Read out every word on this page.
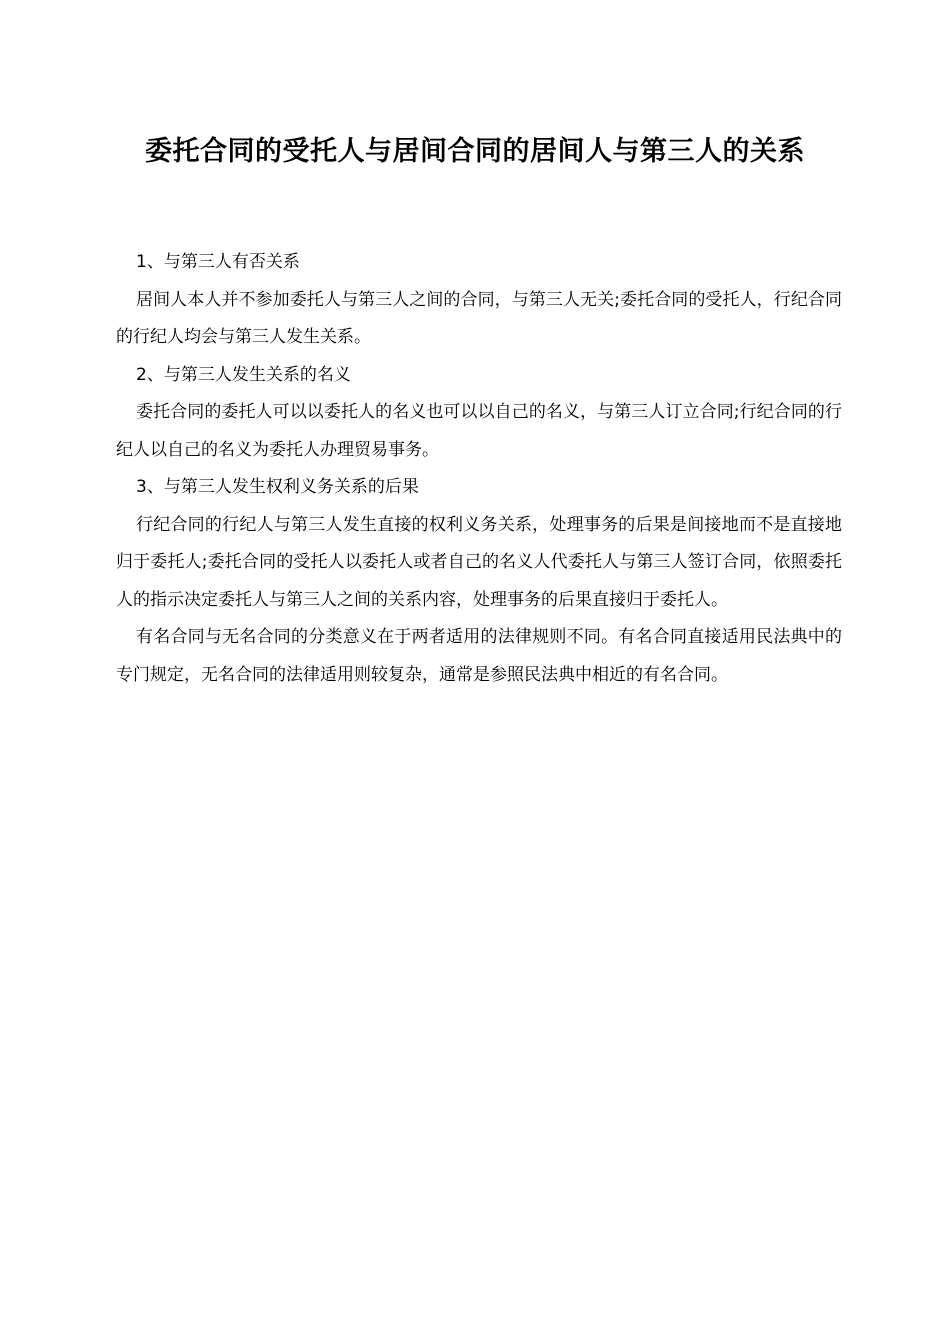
委托合同的受托人与居间合同的居间人与第三人的关系

1、与第三人有否关系

居间人本人并不参加委托人与第三人之间的合同，与第三人无关;委托合同的受托人，行纪合同的行纪人均会与第三人发生关系。

2、与第三人发生关系的名义

委托合同的委托人可以以委托人的名义也可以以自己的名义，与第三人订立合同;行纪合同的行纪人以自己的名义为委托人办理贸易事务。

3、与第三人发生权利义务关系的后果

行纪合同的行纪人与第三人发生直接的权利义务关系，处理事务的后果是间接地而不是直接地归于委托人;委托合同的受托人以委托人或者自己的名义人代委托人与第三人签订合同，依照委托人的指示决定委托人与第三人之间的关系内容，处理事务的后果直接归于委托人。

有名合同与无名合同的分类意义在于两者适用的法律规则不同。有名合同直接适用民法典中的专门规定，无名合同的法律适用则较复杂，通常是参照民法典中相近的有名合同。
